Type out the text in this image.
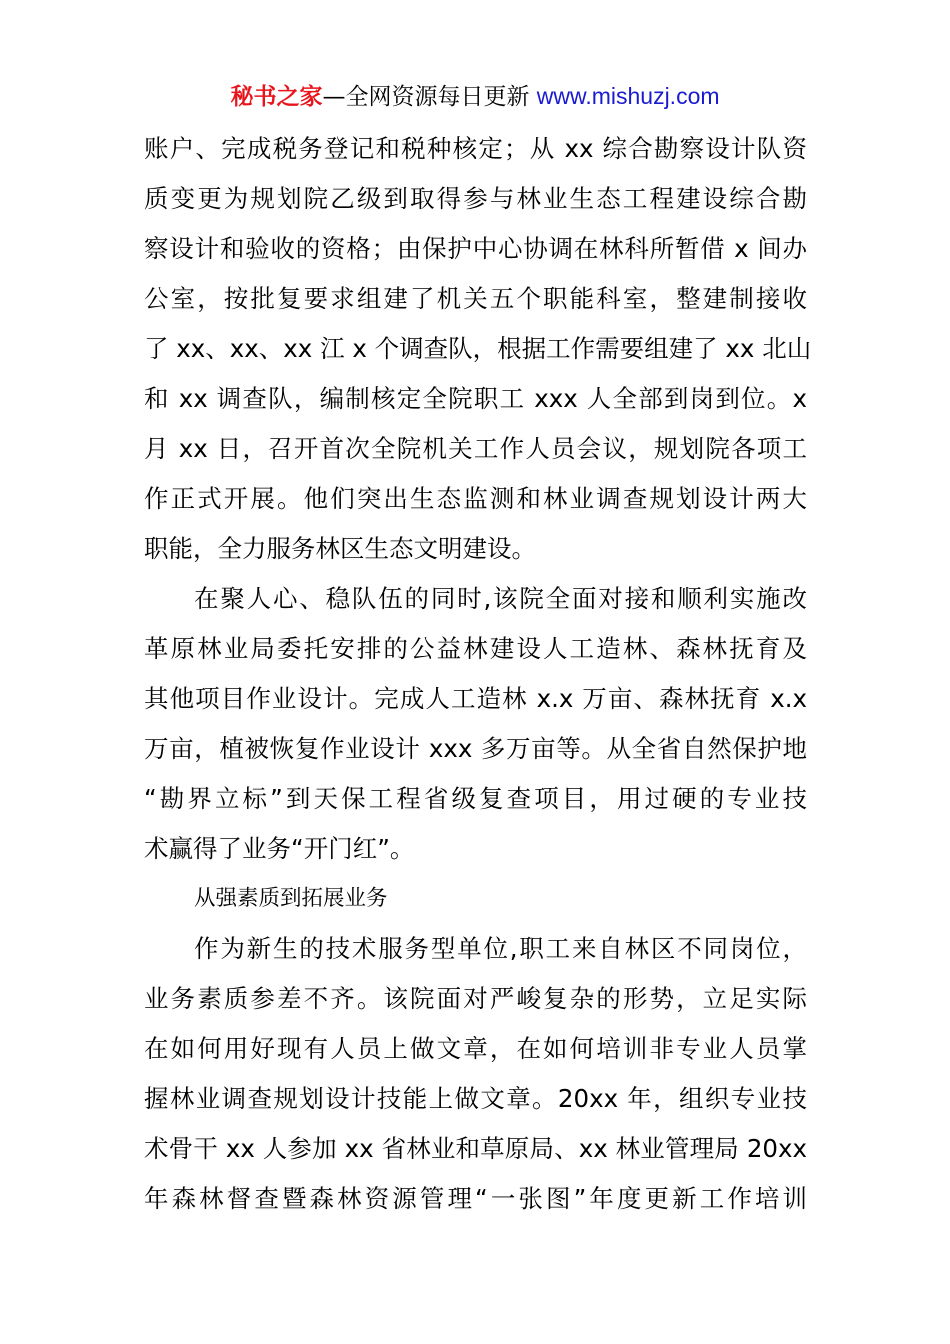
秘书之家—全网资源每日更新 www.mishuzj.com
账户、完成税务登记和税种核定；从 xx 综合勘察设计队资
质变更为规划院乙级到取得参与林业生态工程建设综合勘
察设计和验收的资格；由保护中心协调在林科所暂借 x 间办
公室，按批复要求组建了机关五个职能科室，整建制接收
了 xx、xx、xx 江 x 个调查队，根据工作需要组建了 xx 北山
和 xx 调查队，编制核定全院职工 xxx 人全部到岗到位。x
月 xx 日，召开首次全院机关工作人员会议，规划院各项工
作正式开展。他们突出生态监测和林业调查规划设计两大
职能，全力服务林区生态文明建设。
在聚人心、稳队伍的同时,该院全面对接和顺利实施改
革原林业局委托安排的公益林建设人工造林、森林抚育及
其他项目作业设计。完成人工造林 x.x 万亩、森林抚育 x.x
万亩，植被恢复作业设计 xxx 多万亩等。从全省自然保护地
“勘界立标”到天保工程省级复查项目，用过硬的专业技
术赢得了业务“开门红”。
从强素质到拓展业务
作为新生的技术服务型单位,职工来自林区不同岗位，
业务素质参差不齐。该院面对严峻复杂的形势，立足实际
在如何用好现有人员上做文章，在如何培训非专业人员掌
握林业调查规划设计技能上做文章。20xx 年，组织专业技
术骨干 xx 人参加 xx 省林业和草原局、xx 林业管理局 20xx
年森林督查暨森林资源管理“一张图”年度更新工作培训
